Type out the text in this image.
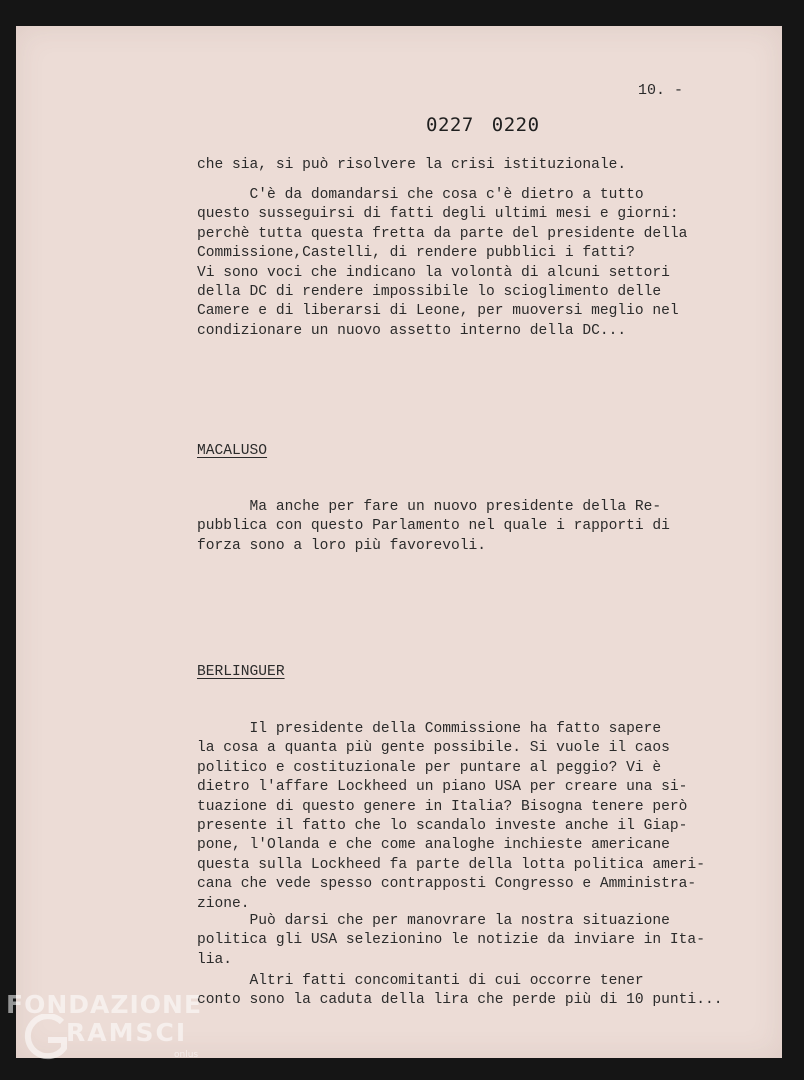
10. -
0227 0220
che sia, si può risolvere la crisi istituzionale.
C'è da domandarsi che cosa c'è dietro a tutto
questo susseguirsi di fatti degli ultimi mesi e giorni:
perchè tutta questa fretta da parte del presidente della
Commissione,Castelli, di rendere pubblici i fatti?
Vi sono voci che indicano la volontà di alcuni settori
della DC di rendere impossibile lo scioglimento delle
Camere e di liberarsi di Leone, per muoversi meglio nel
condizionare un nuovo assetto interno della DC...
MACALUSO
Ma anche per fare un nuovo presidente della Re-
pubblica con questo Parlamento nel quale i rapporti di
forza sono a loro più favorevoli.
BERLINGUER
Il presidente della Commissione ha fatto sapere
la cosa a quanta più gente possibile. Si vuole il caos
politico e costituzionale per puntare al peggio? Vi è
dietro l'affare Lockheed un piano USA per creare una si-
tuazione di questo genere in Italia? Bisogna tenere però
presente il fatto che lo scandalo investe anche il Giap-
pone, l'Olanda e che come analoghe inchieste americane
questa sulla Lockheed fa parte della lotta politica ameri-
cana che vede spesso contrapposti Congresso e Amministra-
zione.
Può darsi che per manovrare la nostra situazione
politica gli USA selezionino le notizie da inviare in Ita-
lia.
Altri fatti concomitanti di cui occorre tener
conto sono la caduta della lira che perde più di 10 punti...
FONDAZIONE
RAMSCI
onlus
